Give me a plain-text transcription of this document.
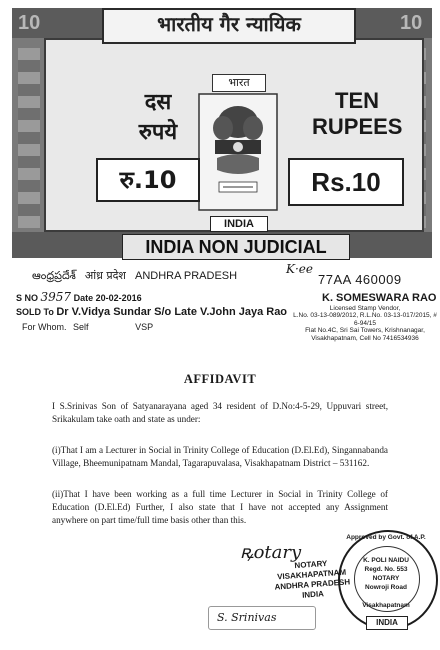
10	10
भारतीय गैर न्यायिक
दस
रुपये
TEN
RUPEES
भारत
रु.10	Rs.10
INDIA
INDIA NON JUDICIAL
ఆంధ్రప్రదేశ్ आंध्र प्रदेश ANDHRA PRADESH	K·ee
77AA 460009
S NO 3957 Date 20-02-2016
SOLD To Dr V.Vidya Sundar S/o Late V.John Jaya Rao
For Whom. Self	VSP
K. SOMESWARA RAO
Licensed Stamp Vendor,
L.No. 03-13-089/2012, R.L.No. 03-13-017/2015, # 6-94/15
Flat No.4C, Sri Sai Towers, Krishnanagar,
Visakhapatnam, Cell No 7416534936
AFFIDAVIT
I S.Srinivas Son of Satyanarayana aged 34 resident of D.No:4-5-29, Uppuvari street, Srikakulam take oath and state as under:
(i)That I am a Lecturer in Social in Trinity College of Education (D.El.Ed), Singannabanda Village, Bheemunipatnam Mandal, Tagarapuvalasa, Visakhapatnam District – 531162.
(ii)That I have been working as a full time Lecturer in Social in Trinity College of Education (D.El.Ed) Further, I also state that I have not accepted any Assignment anywhere on part time/full time basis other than this.
ꝶotary
NOTARY
VISAKHAPATNAM
ANDHRA PRADESH
INDIA
Approved by Govt. of A.P.
K. POLI NAIDU
Regd. No. 553
NOTARY
Nowroji Road
Visakhapatnam
INDIA
S. Srinivas
